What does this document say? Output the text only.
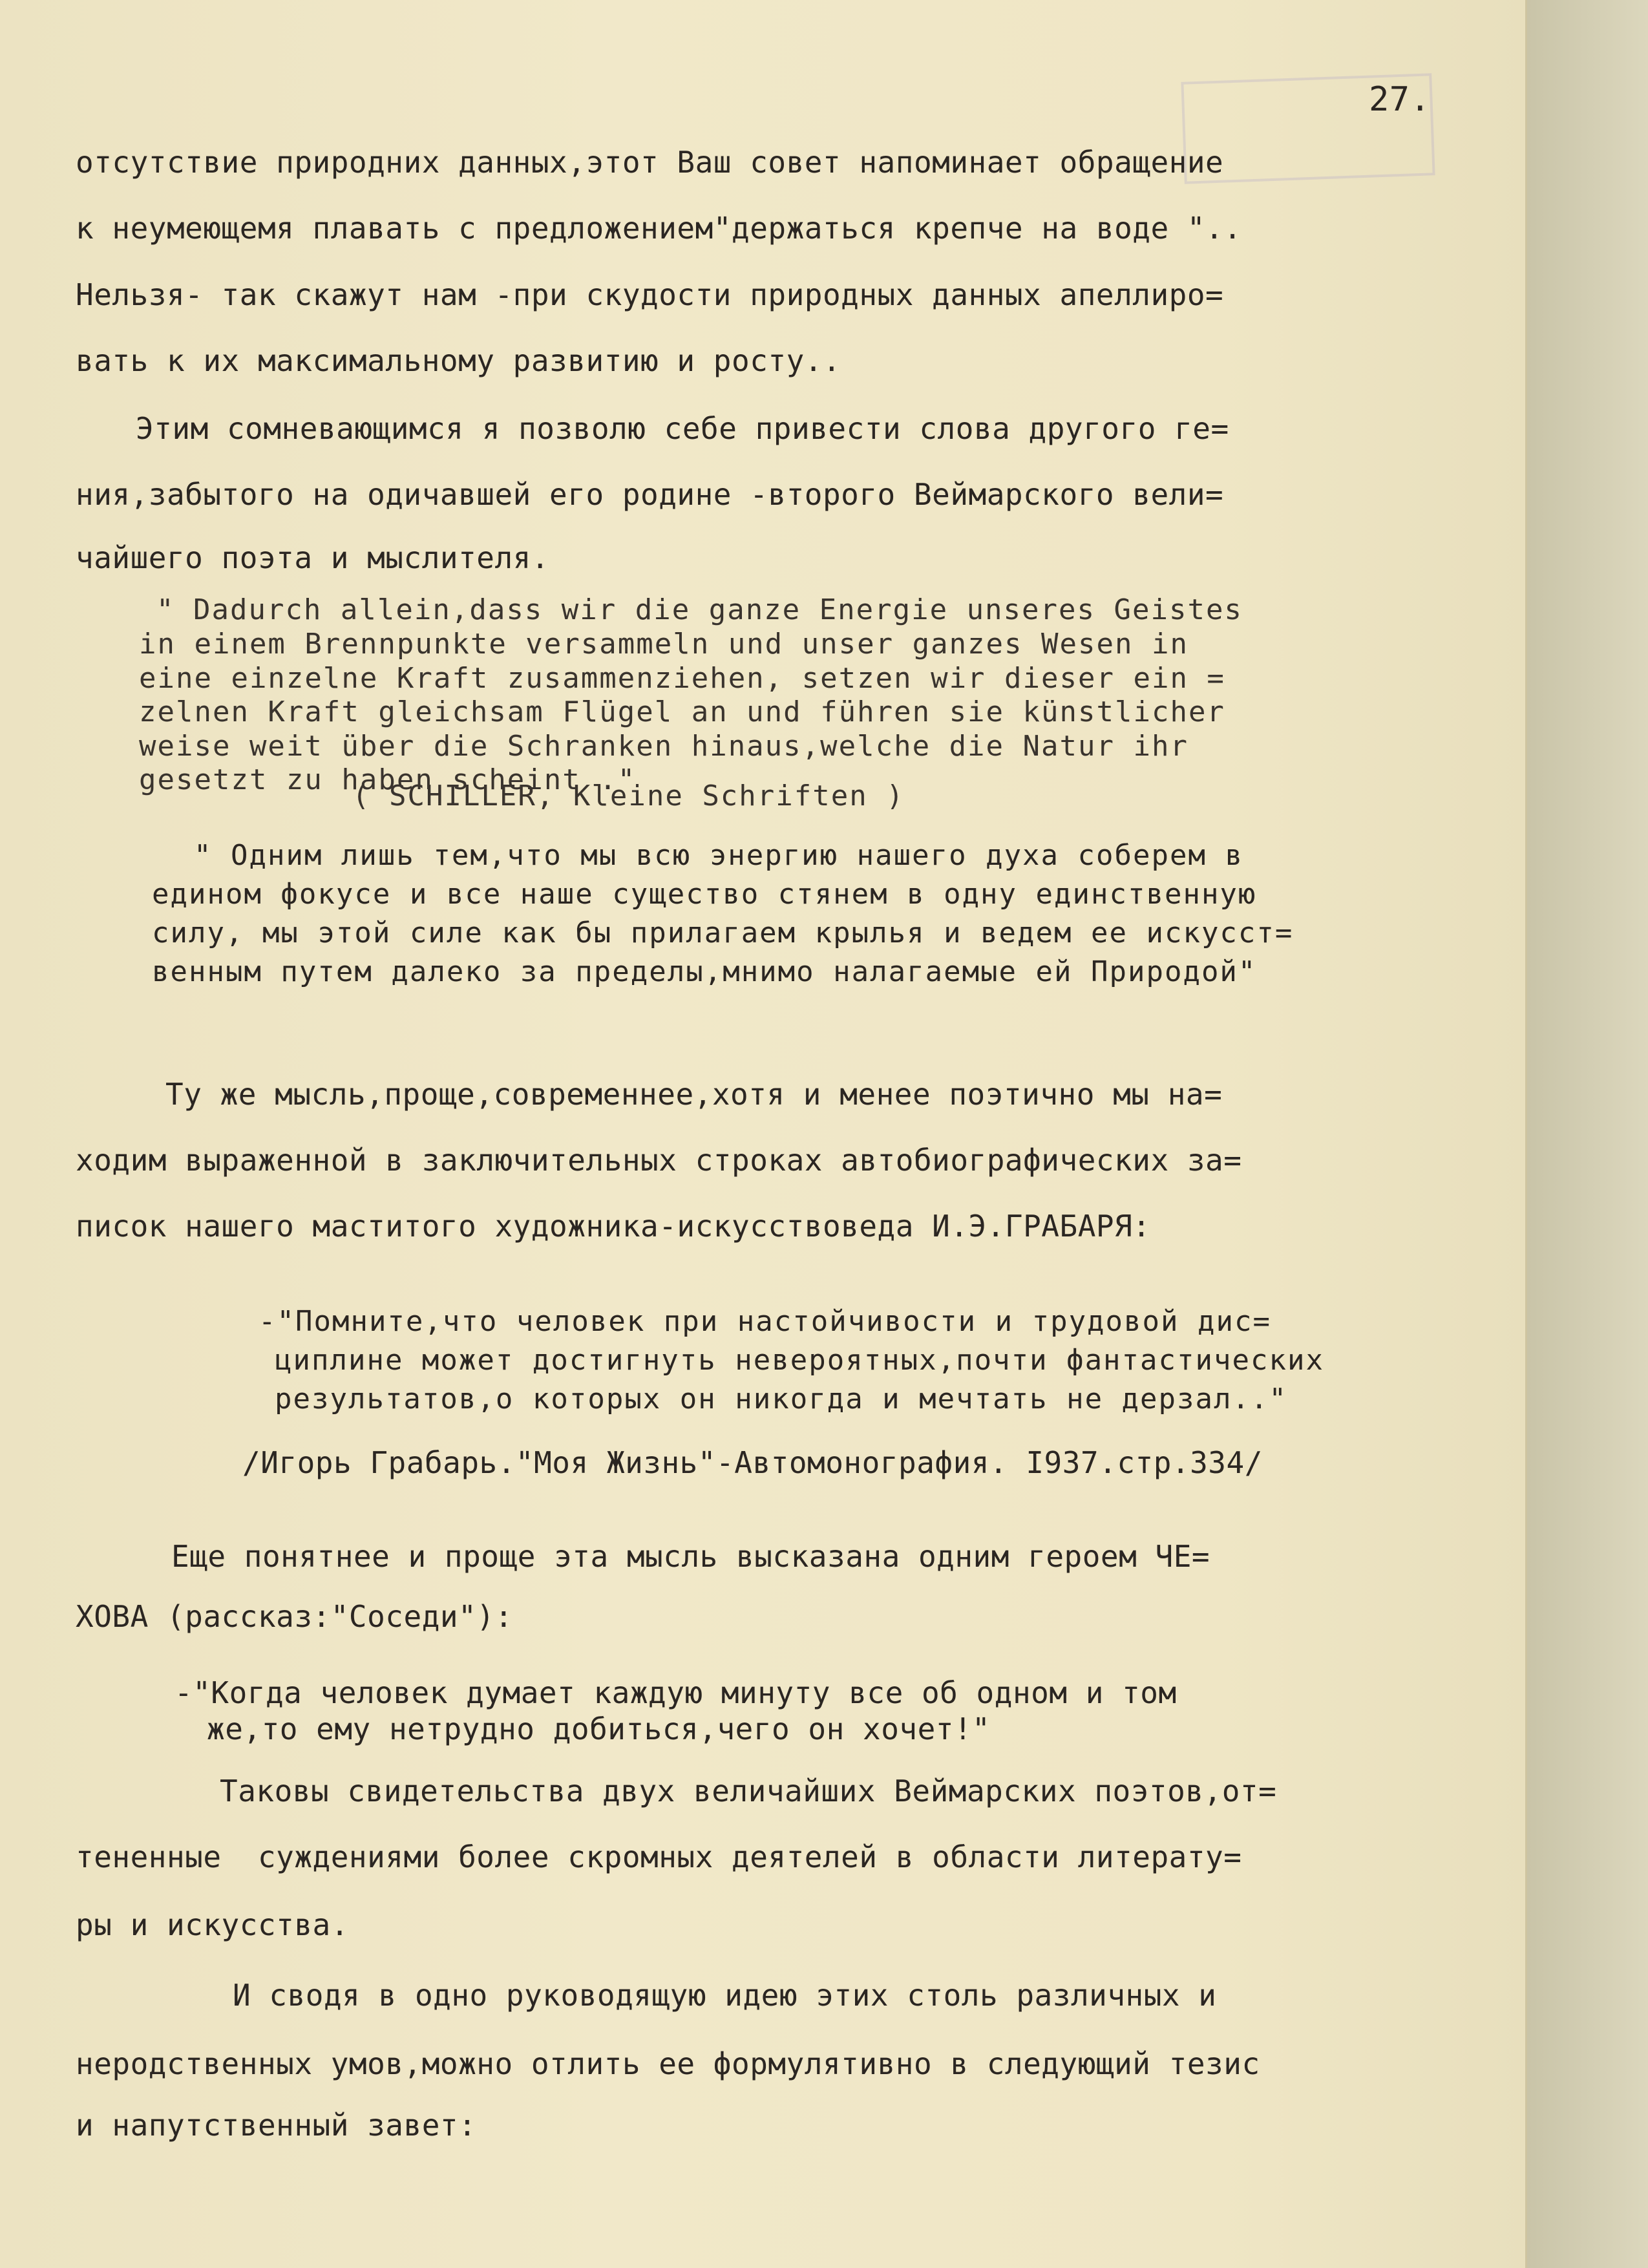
27.
отсутствие природних данных,этот Ваш совет напоминает обращение
к неумеющемя плавать с предложением"держаться крепче на воде "..
Нельзя- так скажут нам -при скудости природных данных апеллиро=
вать к их максимальному развитию и росту..
Этим сомневающимся я позволю себе привести слова другого ге=
ния,забытого на одичавшей его родине -второго Веймарского вели=
чайшего поэта и мыслителя.
" Dadurch allein,dass wir die ganze Energie unseres Geistes
in einem Brennpunkte versammeln und unser ganzes Wesen in
eine einzelne Kraft zusammenziehen, setzen wir dieser ein =
zelnen Kraft gleichsam Flügel an und führen sie künstlicher
weise weit über die Schranken hinaus,welche die Natur ihr
gesetzt zu haben scheint ."
( SCHILLER, Kleine Schriften )
" Одним лишь тем,что мы всю энергию нашего духа соберем в
едином фокусе и все наше существо стянем в одну единственную
силу, мы этой силе как бы прилагаем крылья и ведем ее искусст=
венным путем далеко за пределы,мнимо налагаемые ей Природой"
Ту же мысль,проще,современнее,хотя и менее поэтично мы на=
ходим выраженной в заключительных строках автобиографических за=
писок нашего маститого художника-искусствоведа И.Э.ГРАБАРЯ:
-"Помните,что человек при настойчивости и трудовой дис=
циплине может достигнуть невероятных,почти фантастических
результатов,о которых он никогда и мечтать не дерзал.."
/Игорь Грабарь."Моя Жизнь"-Автомонография. I937.стр.334/
Еще понятнее и проще эта мысль высказана одним героем ЧЕ=
ХОВА (рассказ:"Соседи"):
-"Когда человек думает каждую минуту все об одном и том
же,то ему нетрудно добиться,чего он хочет!"
Таковы свидетельства двух величайших Веймарских поэтов,от=
тененные  суждениями более скромных деятелей в области литерату=
ры и искусства.
И сводя в одно руководящую идею этих столь различных и
неродственных умов,можно отлить ее формулятивно в следующий тезис
и напутственный завет:
